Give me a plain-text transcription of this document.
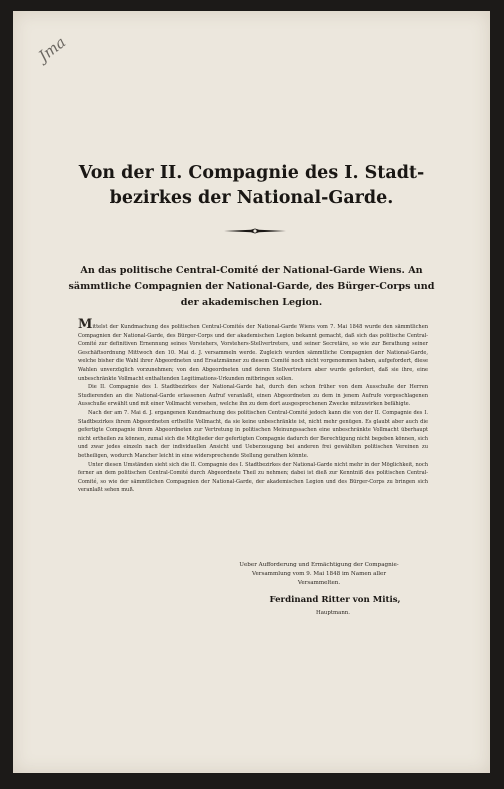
Jma
Von der II. Compagnie des I. Stadt-bezirkes der National-Garde.
An das politische Central-Comité der National-Garde Wiens. An sämmtliche Compagnien der National-Garde, des Bürger-Corps und der akademischen Legion.

Mittelst der Kundmachung des politischen Central-Comités der National-Garde Wiens vom 7. Mai 1848 wurde den sämmtlichen Compagnien der National-Garde, des Bürger-Corps und der akademischen Legion bekannt gemacht, daß sich das politische Central-Comité zur definitiven Ernennung seines Vorstehers, Vorstehers-Stellvertreters, und seiner Secretäre, so wie zur Berathung seiner Geschäftsordnung Mittwoch den 10. Mai d. J. versammeln werde. Zugleich wurden sämmtliche Compagnien der National-Garde, welche bisher die Wahl ihrer Abgeordneten und Ersatzmänner zu diesem Comité noch nicht vorgenommen haben, aufgefordert, diese Wahlen unverzüglich vorzunehmen; von den Abgeordneten und deren Stellvertretern aber wurde gefordert, daß sie ihre, eine unbeschränkte Vollmacht enthaltenden Legitimations-Urkunden mitbringen sollen.

Die II. Compagnie des I. Stadtbezirkes der National-Garde hat, durch den schon früher von dem Ausschuße der Herren Studierenden an die National-Garde erlassenen Aufruf veranlaßt, einen Abgeordneten zu dem in jenem Aufrufe vorgeschlagenen Ausschuße erwählt und mit einer Vollmacht versehen, welche ihn zu dem dort ausgesprochenen Zwecke mitzuwirken befähigte.

Nach der am 7. Mai d. J. ergangenen Kundmachung des politischen Central-Comité jedoch kann die von der II. Compagnie des I. Stadtbezirkes ihrem Abgeordneten ertheilte Vollmacht, da sie keine unbeschränkte ist, nicht mehr genügen. Es glaubt aber auch die gefertigte Compagnie ihrem Abgeordneten zur Vertretung in politischen Meinungssachen eine unbeschränkte Vollmacht überhaupt nicht ertheilen zu können, zumal sich die Mitglieder der gefertigten Compagnie dadurch der Berechtigung nicht begeben können, sich und zwar jedes einzeln nach der individuellen Ansicht und Ueberzeugung bei anderen frei gewählten politischen Vereinen zu betheiligen, wodurch Mancher leicht in eine widersprechende Stellung gerathen könnte.

Unter diesen Umständen sieht sich die II. Compagnie des I. Stadtbezirkes der National-Garde nicht mehr in der Möglichkeit, noch ferner an dem politischen Central-Comité durch Abgeordnete Theil zu nehmen; dabei ist dieß zur Kenntniß des politischen Central-Comité, so wie der sämmtlichen Compagnien der National-Garde, der akademischen Legion und des Bürger-Corps zu bringen sich veranlaßt sehen muß.

Ueber Aufforderung und Ermächtigung der Compagnie-Versammlung vom 9. Mai 1848 im Namen aller Versammelten.
Ferdinand Ritter von Mitis,
Hauptmann.
